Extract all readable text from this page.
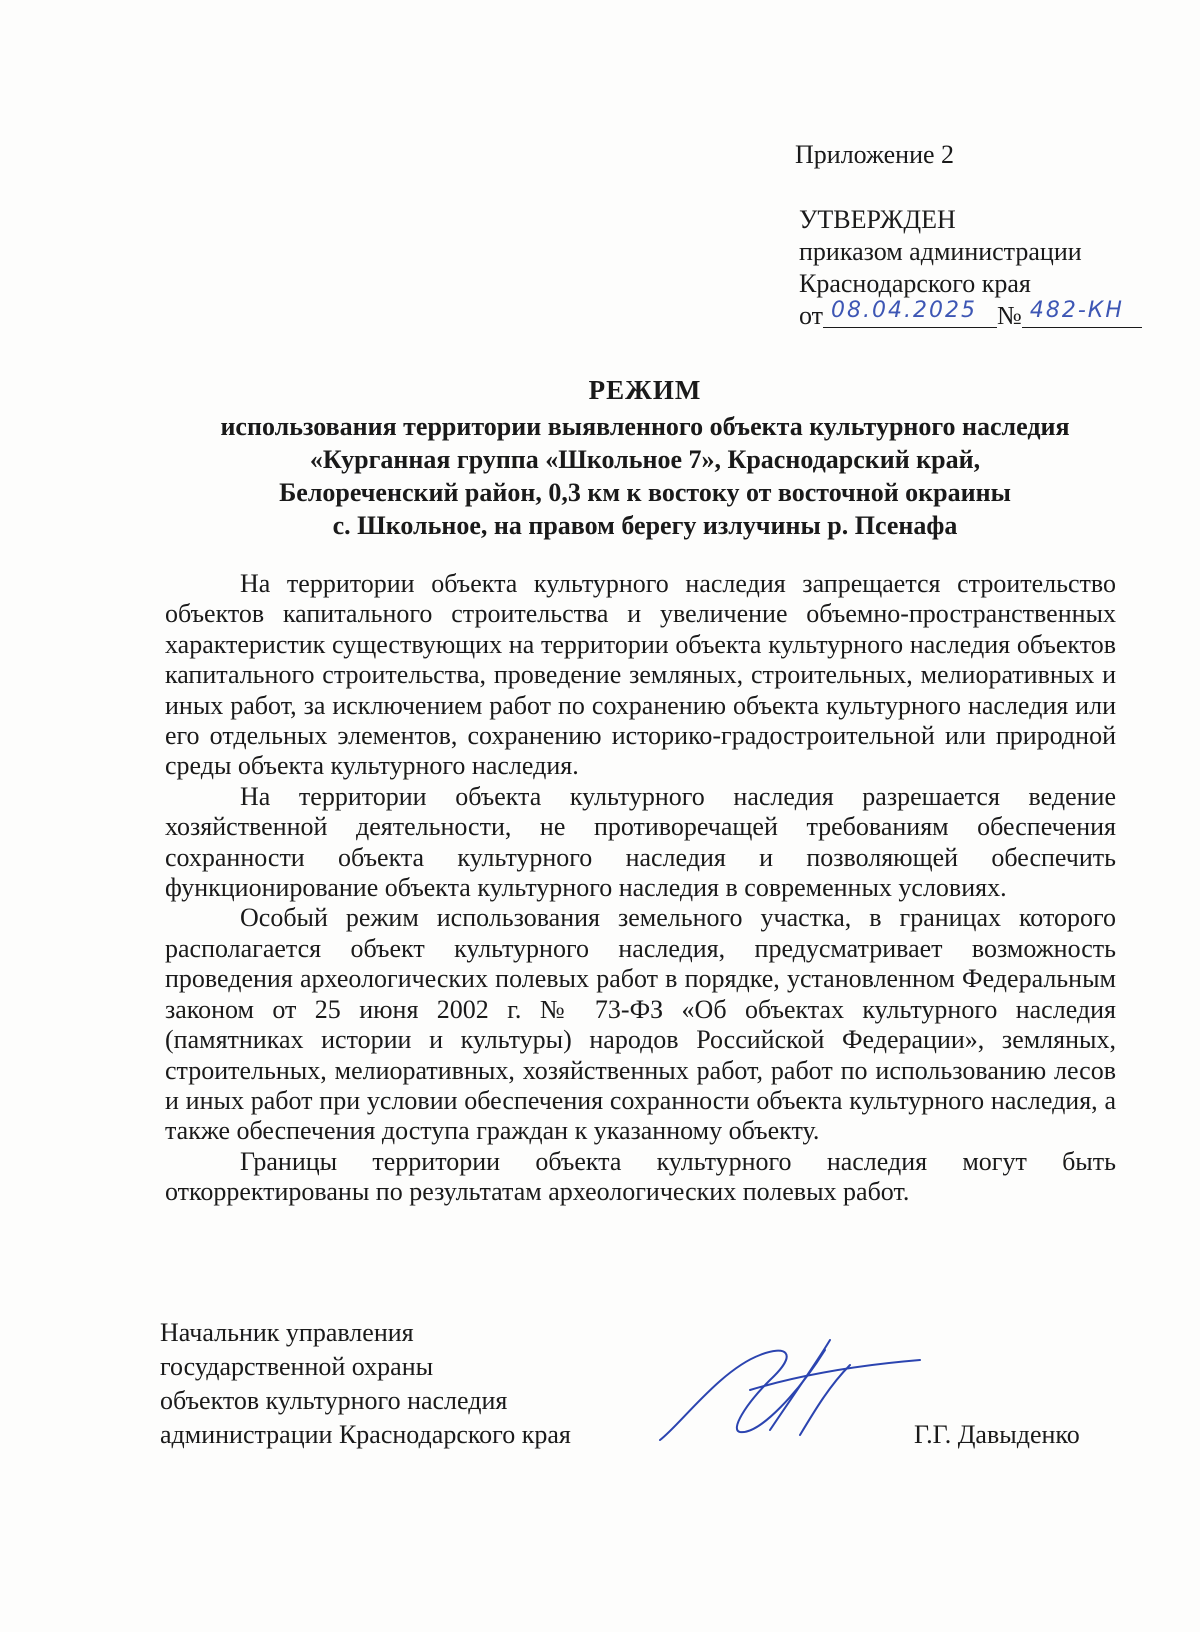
Приложение 2
УТВЕРЖДЕН
приказом администрации
Краснодарского края
от 08.04.2025 № 482-КН
РЕЖИМ
использования территории выявленного объекта культурного наследия
«Курганная группа «Школьное 7», Краснодарский край,
Белореченский район, 0,3 км к востоку от восточной окраины
с. Школьное, на правом берегу излучины р. Псенафа

На территории объекта культурного наследия запрещается строительство объектов капитального строительства и увеличение объемно-пространственных характеристик существующих на территории объекта культурного наследия объектов капитального строительства, проведение земляных, строительных, мелиоративных и иных работ, за исключением работ по сохранению объекта культурного наследия или его отдельных элементов, сохранению историко-градостроительной или природной среды объекта культурного наследия.

На территории объекта культурного наследия разрешается ведение хозяйственной деятельности, не противоречащей требованиям обеспечения сохранности объекта культурного наследия и позволяющей обеспечить функционирование объекта культурного наследия в современных условиях.

Особый режим использования земельного участка, в границах которого располагается объект культурного наследия, предусматривает возможность проведения археологических полевых работ в порядке, установленном Федеральным законом от 25 июня 2002 г. № 73-ФЗ «Об объектах культурного наследия (памятниках истории и культуры) народов Российской Федерации», земляных, строительных, мелиоративных, хозяйственных работ, работ по использованию лесов и иных работ при условии обеспечения сохранности объекта культурного наследия, а также обеспечения доступа граждан к указанному объекту.

Границы территории объекта культурного наследия могут быть откорректированы по результатам археологических полевых работ.

Начальник управления
государственной охраны
объектов культурного наследия
администрации Краснодарского края	Г.Г. Давыденко
